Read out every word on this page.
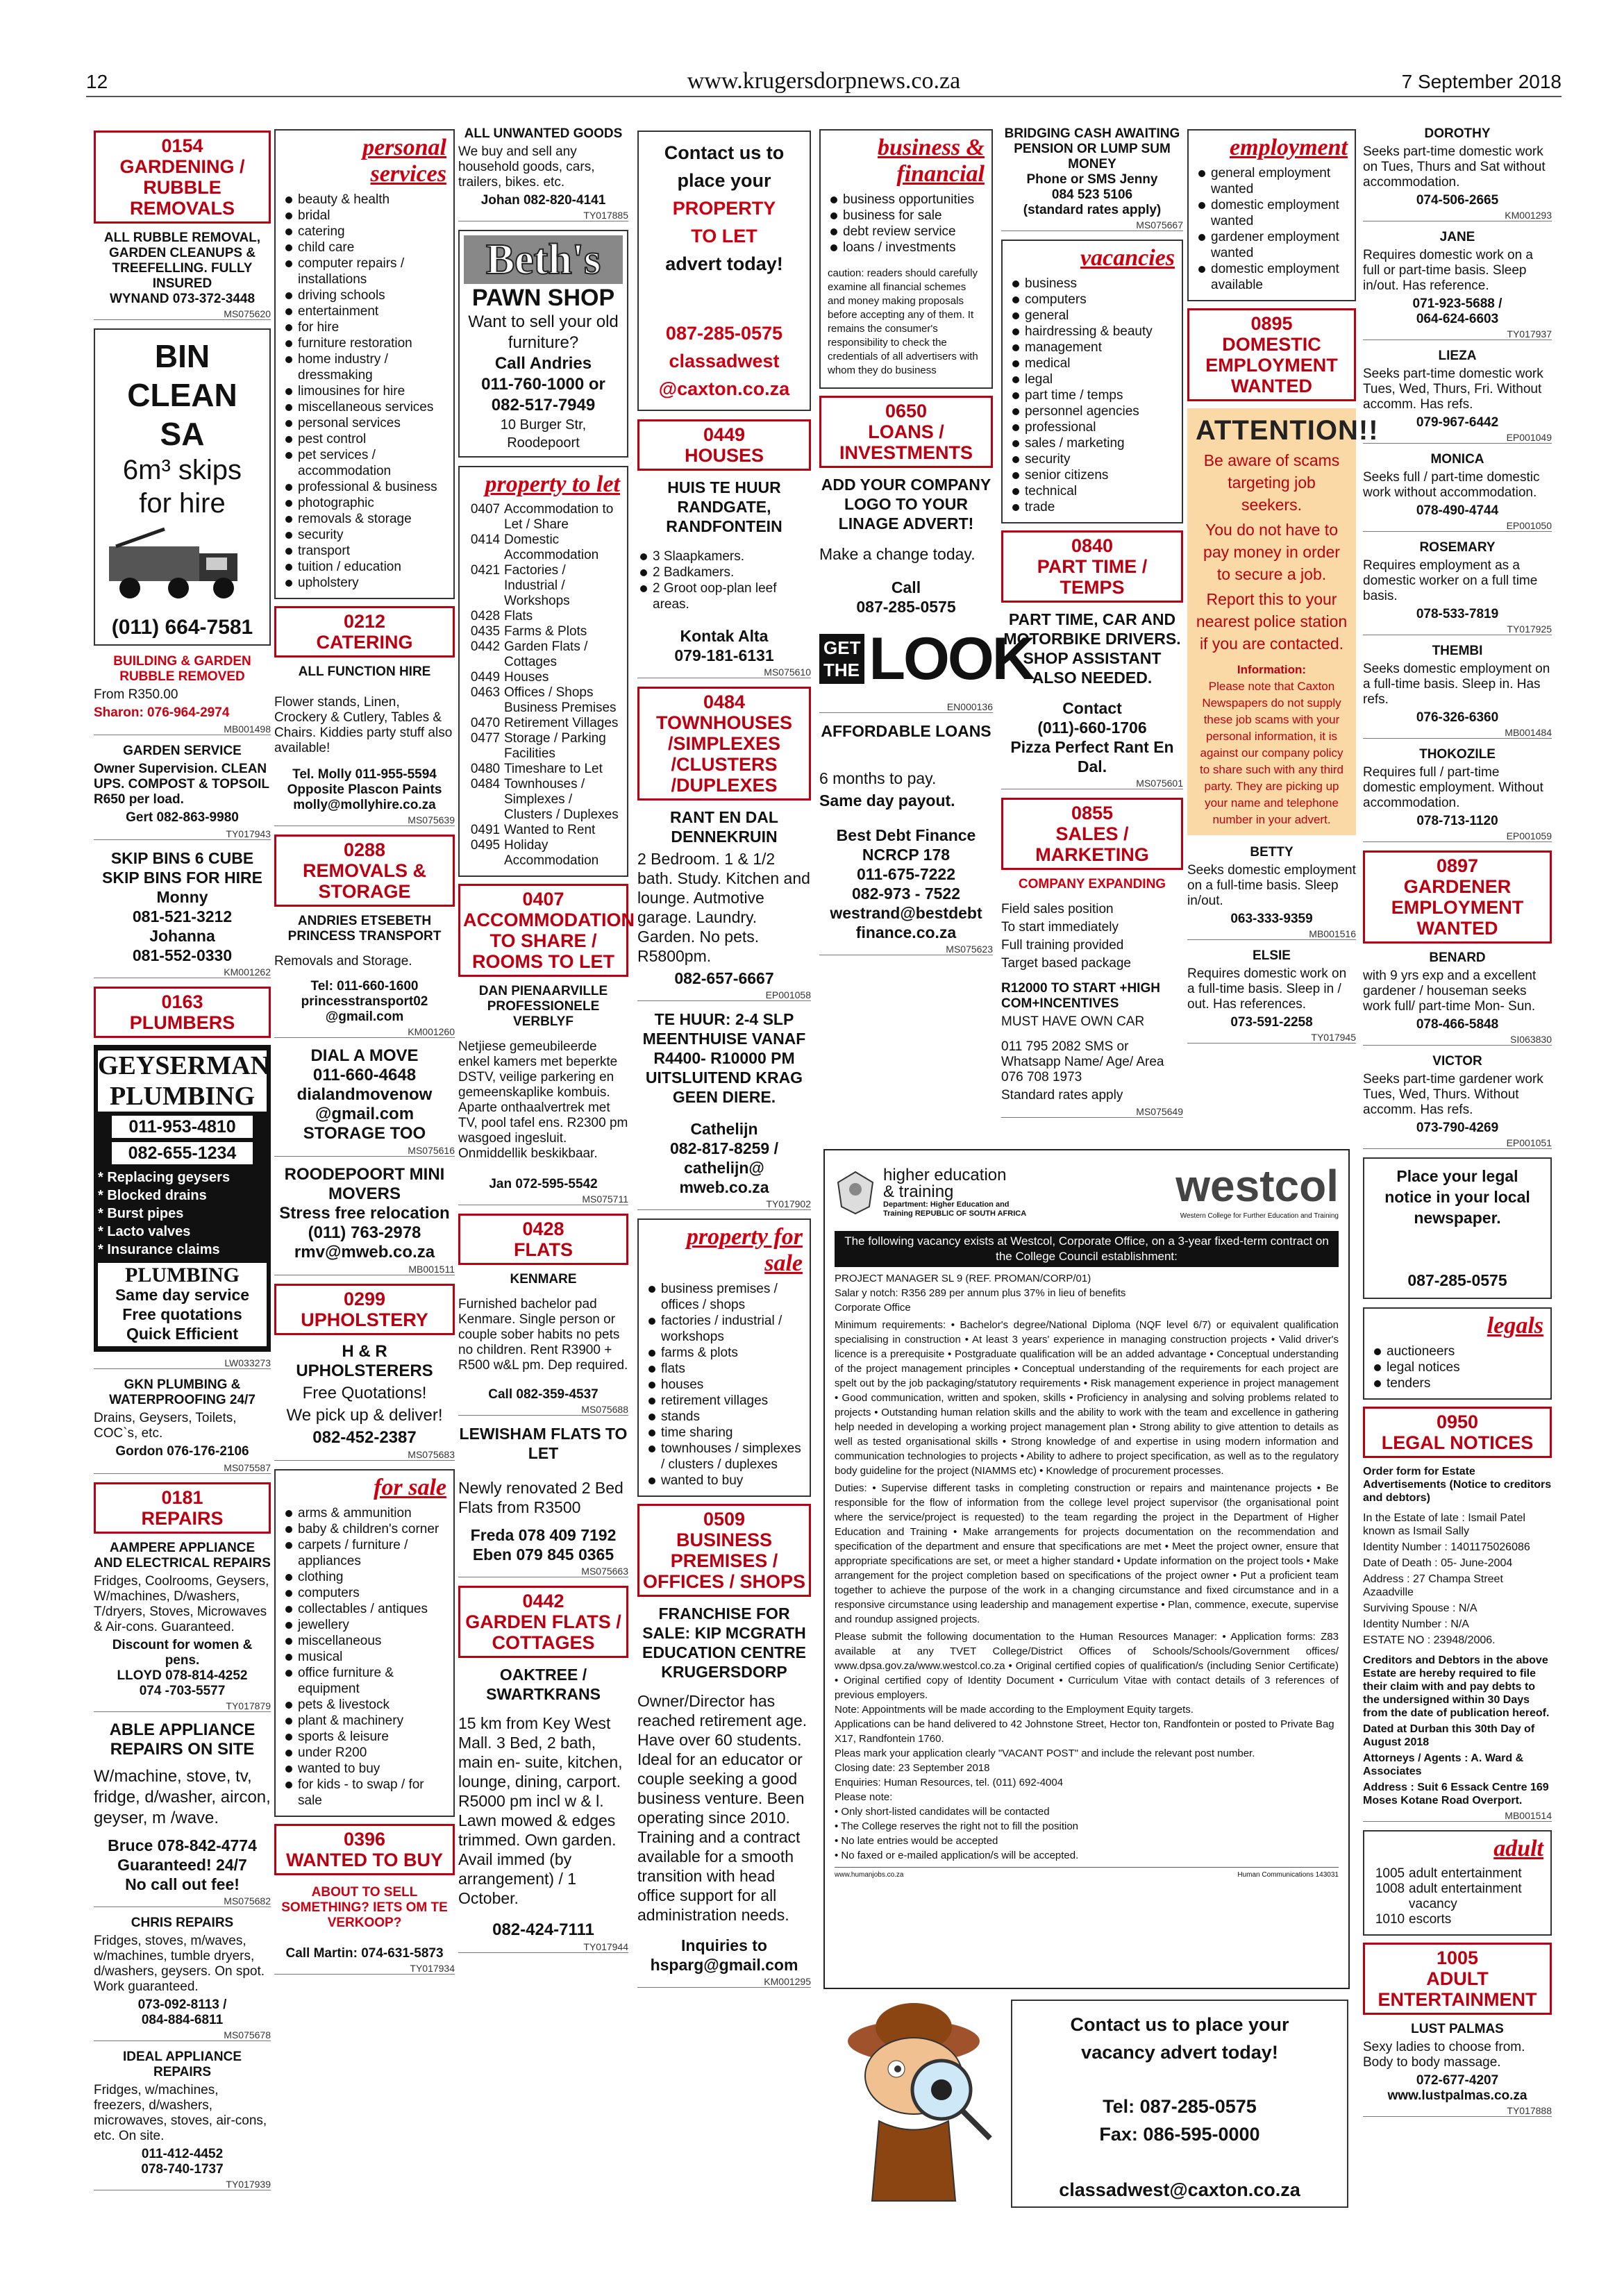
12	www.krugersdorpnews.co.za	7 September 2018
0154
GARDENING / RUBBLE REMOVALS
ALL RUBBLE REMOVAL, GARDEN CLEANUPS & TREEFELLING. FULLY INSURED
WYNAND 073-372-3448
MS075620
BIN
CLEAN SA
6m³ skips
for hire
(011) 664-7581
BUILDING & GARDEN RUBBLE REMOVED
From R350.00
Sharon: 076-964-2974
MB001498
GARDEN SERVICE
Owner Supervision. CLEAN UPS. COMPOST & TOPSOIL R650 per load.
Gert 082-863-9980
TY017943
SKIP BINS 6 CUBE SKIP BINS FOR HIRE
Monny
081-521-3212
Johanna
081-552-0330
KM001262
0163
PLUMBERS
GEYSERMAN
PLUMBING
011-953-4810
082-655-1234
* Replacing geysers
* Blocked drains
* Burst pipes
* Lacto valves
* Insurance claims
PLUMBING
Same day service
Free quotations
Quick Efficient
LW033273
GKN PLUMBING & WATERPROOFING 24/7
Drains, Geysers, Toilets, COC`s, etc.
Gordon 076-176-2106
MS075587
0181
REPAIRS
AAMPERE APPLIANCE AND ELECTRICAL REPAIRS
Fridges, Coolrooms, Geysers, W/machines, D/washers, T/dryers, Stoves, Microwaves & Air-cons. Guaranteed.
Discount for women & pens.
LLOYD 078-814-4252
074 -703-5577
TY017879
ABLE APPLIANCE REPAIRS ON SITE
W/machine, stove, tv, fridge, d/washer, aircon, geyser, m /wave.
Bruce 078-842-4774
Guaranteed! 24/7
No call out fee!
MS075682
CHRIS REPAIRS
Fridges, stoves, m/waves, w/machines, tumble dryers, d/washers, geysers. On spot. Work guaranteed.
073-092-8113 /
084-884-6811
MS075678
IDEAL APPLIANCE REPAIRS
Fridges, w/machines, freezers, d/washers, microwaves, stoves, air-cons, etc. On site.
011-412-4452
078-740-1737
TY017939
personal services
beauty & health
bridal
catering
child care
computer repairs / installations
driving schools
entertainment
for hire
furniture restoration
home industry / dressmaking
limousines for hire
miscellaneous services
personal services
pest control
pet services / accommodation
professional & business
photographic
removals & storage
security
transport
tuition / education
upholstery
0212
CATERING
ALL FUNCTION HIRE
Flower stands, Linen, Crockery & Cutlery, Tables & Chairs. Kiddies party stuff also available!
Tel. Molly 011-955-5594
Opposite Plascon Paints
molly@mollyhire.co.za
MS075639
0288
REMOVALS & STORAGE
ANDRIES ETSEBETH PRINCESS TRANSPORT
Removals and Storage.
Tel: 011-660-1600
princesstransport02
@gmail.com
KM001260
DIAL A MOVE
011-660-4648
dialandmovenow
@gmail.com
STORAGE TOO
MS075616
ROODEPOORT MINI MOVERS
Stress free relocation
(011) 763-2978
rmv@mweb.co.za
MB001511
0299
UPHOLSTERY
H & R UPHOLSTERERS
Free Quotations!
We pick up & deliver!
082-452-2387
MS075683
for sale
arms & ammunition
baby & children's corner
carpets / furniture / appliances
clothing
computers
collectables / antiques
jewellery
miscellaneous
musical
office furniture & equipment
pets & livestock
plant & machinery
sports & leisure
under R200
wanted to buy
for kids - to swap / for sale
0396
WANTED TO BUY
ABOUT TO SELL SOMETHING? IETS OM TE VERKOOP?
Call Martin: 074-631-5873
TY017934
ALL UNWANTED GOODS
We buy and sell any household goods, cars, trailers, bikes. etc.
Johan 082-820-4141
TY017885
Beth's
PAWN SHOP
Want to sell your old furniture?
Call Andries
011-760-1000 or
082-517-7949
10 Burger Str, Roodepoort
property to let
0407 Accommodation to Let / Share
0414 Domestic Accommodation
0421 Factories / Industrial / Workshops
0428 Flats
0435 Farms & Plots
0442 Garden Flats / Cottages
0449 Houses
0463 Offices / Shops Business Premises
0470 Retirement Villages
0477 Storage / Parking Facilities
0480 Timeshare to Let
0484 Townhouses / Simplexes / Clusters / Duplexes
0491 Wanted to Rent
0495 Holiday Accommodation
0407
ACCOMMODATION TO SHARE / ROOMS TO LET
DAN PIENAARVILLE PROFESSIONELE VERBLYF
Netjiese gemeubileerde enkel kamers met beperkte DSTV, veilige parkering en gemeenskaplike kombuis. Aparte onthaalvertrek met TV, pool tafel ens. R2300 pm wasgoed ingesluit. Onmiddellik beskikbaar.
Jan 072-595-5542
MS075711
0428
FLATS
KENMARE
Furnished bachelor pad Kenmare. Single person or couple sober habits no pets no children. Rent R3900 + R500 w&L pm. Dep required.
Call 082-359-4537
MS075688
LEWISHAM FLATS TO LET
Newly renovated 2 Bed Flats from R3500
Freda 078 409 7192
Eben 079 845 0365
MS075663
0442
GARDEN FLATS / COTTAGES
OAKTREE / SWARTKRANS
15 km from Key West Mall. 3 Bed, 2 bath, main en- suite, kitchen, lounge, dining, carport. R5000 pm incl w & l. Lawn mowed & edges trimmed. Own garden. Avail immed (by arrangement) / 1 October.
082-424-7111
TY017944
Contact us to
place your
PROPERTY
TO LET
advert today!
087-285-0575
classadwest
@caxton.co.za
0449
HOUSES
HUIS TE HUUR RANDGATE, RANDFONTEIN
3 Slaapkamers.
2 Badkamers.
2 Groot oop-plan leef areas.
Kontak Alta
079-181-6131
MS075610
0484
TOWNHOUSES /SIMPLEXES /CLUSTERS /DUPLEXES
RANT EN DAL DENNEKRUIN
2 Bedroom. 1 & 1/2 bath. Study. Kitchen and lounge. Autmotive garage. Laundry. Garden. No pets. R5800pm.
082-657-6667
EP001058
TE HUUR: 2-4 SLP MEENTHUISE VANAF R4400- R10000 PM UITSLUITEND KRAG GEEN DIERE.
Cathelijn
082-817-8259 /
cathelijn@
mweb.co.za
TY017902
property for sale
business premises / offices / shops
factories / industrial / workshops
farms & plots
flats
houses
retirement villages
stands
time sharing
townhouses / simplexes / clusters / duplexes
wanted to buy
0509
BUSINESS PREMISES / OFFICES / SHOPS
FRANCHISE FOR SALE: KIP MCGRATH EDUCATION CENTRE KRUGERSDORP
Owner/Director has reached retirement age. Have over 60 students. Ideal for an educator or couple seeking a good business venture. Been operating since 2010. Training and a contract available for a smooth transition with head office support for all administration needs.
Inquiries to
hsparg@gmail.com
KM001295
business & financial
business opportunities
business for sale
debt review service
loans / investments
caution: readers should carefully examine all financial schemes and money making proposals before accepting any of them. It remains the consumer's responsibility to check the credentials of all advertisers with whom they do business
0650
LOANS / INVESTMENTS
ADD YOUR COMPANY LOGO TO YOUR LINAGE ADVERT!
Make a change today.
Call
087-285-0575
GET
THE LOOK
EN000136
AFFORDABLE LOANS
6 months to pay.
Same day payout.
Best Debt Finance
NCRCP 178
011-675-7222
082-973 - 7522
westrand@bestdebt
finance.co.za
MS075623
BRIDGING CASH AWAITING PENSION OR LUMP SUM MONEY
Phone or SMS Jenny
084 523 5106
(standard rates apply)
MS075667
vacancies
business
computers
general
hairdressing & beauty
management
medical
legal
part time / temps
personnel agencies
professional
sales / marketing
security
senior citizens
technical
trade
0840
PART TIME / TEMPS
PART TIME, CAR AND MOTORBIKE DRIVERS. SHOP ASSISTANT ALSO NEEDED.
Contact
(011)-660-1706
Pizza Perfect Rant En Dal.
MS075601
0855
SALES / MARKETING
COMPANY EXPANDING
Field sales position
To start immediately
Full training provided
Target based package
R12000 TO START +HIGH COM+INCENTIVES
MUST HAVE OWN CAR
011 795 2082 SMS or Whatsapp Name/ Age/ Area 076 708 1973
Standard rates apply
MS075649
employment
general employment wanted
domestic employment wanted
gardener employment wanted
domestic employment available
0895
DOMESTIC EMPLOYMENT WANTED
ATTENTION!!

Be aware of scams targeting job seekers.

You do not have to pay money in order to secure a job.

Report this to your nearest police station if you are contacted.

Information:
Please note that Caxton Newspapers do not supply these job scams with your personal information, it is against our company policy to share such with any third party. They are picking up your name and telephone number in your advert.
BETTY
Seeks domestic employment on a full-time basis. Sleep in/out.
063-333-9359
MB001516
ELSIE
Requires domestic work on a full-time basis. Sleep in / out. Has references.
073-591-2258
TY017945
DOROTHY
Seeks part-time domestic work on Tues, Thurs and Sat without accommodation.
074-506-2665
KM001293
JANE
Requires domestic work on a full or part-time basis. Sleep in/out. Has reference.
071-923-5688 /
064-624-6603
TY017937
LIEZA
Seeks part-time domestic work Tues, Wed, Thurs, Fri. Without accomm. Has refs.
079-967-6442
EP001049
MONICA
Seeks full / part-time domestic work without accommodation.
078-490-4744
EP001050
ROSEMARY
Requires employment as a domestic worker on a full time basis.
078-533-7819
TY017925
THEMBI
Seeks domestic employment on a full-time basis. Sleep in. Has refs.
076-326-6360
MB001484
THOKOZILE
Requires full / part-time domestic employment. Without accommodation.
078-713-1120
EP001059
0897
GARDENER EMPLOYMENT WANTED
BENARD
with 9 yrs exp and a excellent gardener / houseman seeks work full/ part-time Mon- Sun.
078-466-5848
SI063830
VICTOR
Seeks part-time gardener work Tues, Wed, Thurs. Without accomm. Has refs.
073-790-4269
EP001051
Place your legal notice in your local newspaper.
087-285-0575
legals
auctioneers
legal notices
tenders
0950
LEGAL NOTICES
Order form for Estate Advertisements (Notice to creditors and debtors)
In the Estate of late : Ismail Patel known as Ismail Sally
Identity Number : 1401175026086
Date of Death : 05- June-2004
Address : 27 Champa Street Azaadville
Surviving Spouse : N/A
Identity Number : N/A
ESTATE NO : 23948/2006.
Creditors and Debtors in the above Estate are hereby required to file their claim with and pay debts to the undersigned within 30 Days from the date of publication hereof.
Dated at Durban this 30th Day of August 2018
Attorneys / Agents : A. Ward & Associates
Address : Suit 6 Essack Centre 169 Moses Kotane Road Overport.
MB001514
adult
1005 adult entertainment
1008 adult entertainment vacancy
1010 escorts
1005
ADULT ENTERTAINMENT
LUST PALMAS
Sexy ladies to choose from. Body to body massage.
072-677-4207
www.lustpalmas.co.za
TY017888
higher education
& training
Department: Higher Education and Training REPUBLIC OF SOUTH AFRICA
westcol
Western College for Further Education and Training
The following vacancy exists at Westcol, Corporate Office, on a 3-year fixed-term contract on the College Council establishment:
PROJECT MANAGER SL 9 (REF. PROMAN/CORP/01)
Salar y notch: R356 289 per annum plus 37% in lieu of benefits
Corporate Office
Minimum requirements: • Bachelor's degree/National Diploma (NQF level 6/7) or equivalent qualification specialising in construction • At least 3 years' experience in managing construction projects • Valid driver's licence is a prerequisite • Postgraduate qualification will be an added advantage • Conceptual understanding of the project management principles • Conceptual understanding of the requirements for each project are spelt out by the job packaging/statutory requirements • Risk management experience in project management • Good communication, written and spoken, skills • Proficiency in analysing and solving problems related to projects • Outstanding human relation skills and the ability to work with the team and excellence in gathering help needed in developing a working project management plan • Strong ability to give attention to details as well as tested organisational skills • Strong knowledge of and expertise in using modern information and communication technologies to projects • Ability to adhere to project specification, as well as to the regulatory body guideline for the project (NIAMMS etc) • Knowledge of procurement processes.
Duties: • Supervise different tasks in completing construction or repairs and maintenance projects • Be responsible for the flow of information from the college level project supervisor (the organisational point where the service/project is requested) to the team regarding the project in the Department of Higher Education and Training • Make arrangements for projects documentation on the recommendation and specification of the department and ensure that specifications are met • Meet the project owner, ensure that appropriate specifications are set, or meet a higher standard • Update information on the project tools • Make arrangement for the project completion based on specifications of the project owner • Put a proficient team together to achieve the purpose of the work in a changing circumstance and fixed circumstance and in a responsive circumstance using leadership and management expertise • Plan, commence, execute, supervise and roundup assigned projects.
Please submit the following documentation to the Human Resources Manager: • Application forms: Z83 available at any TVET College/District Offices of Schools/Schools/Government offices/ www.dpsa.gov.za/www.westcol.co.za • Original certified copies of qualification/s (including Senior Certificate) • Original certified copy of Identity Document • Curriculum Vitae with contact details of 3 references of previous employers.
Note: Appointments will be made according to the Employment Equity targets.
Applications can be hand delivered to 42 Johnstone Street, Hector ton, Randfontein or posted to Private Bag X17, Randfontein 1760.
Pleas mark your application clearly "VACANT POST" and include the relevant post number.
Closing date: 23 September 2018
Enquiries: Human Resources, tel. (011) 692-4004
Please note:
• Only short-listed candidates will be contacted
• The College reserves the right not to fill the position
• No late entries would be accepted
• No faxed or e-mailed application/s will be accepted.
www.humanjobs.co.za	Human Communications 143031
Contact us to place your
vacancy advert today!
Tel: 087-285-0575
Fax: 086-595-0000
classadwest@caxton.co.za
